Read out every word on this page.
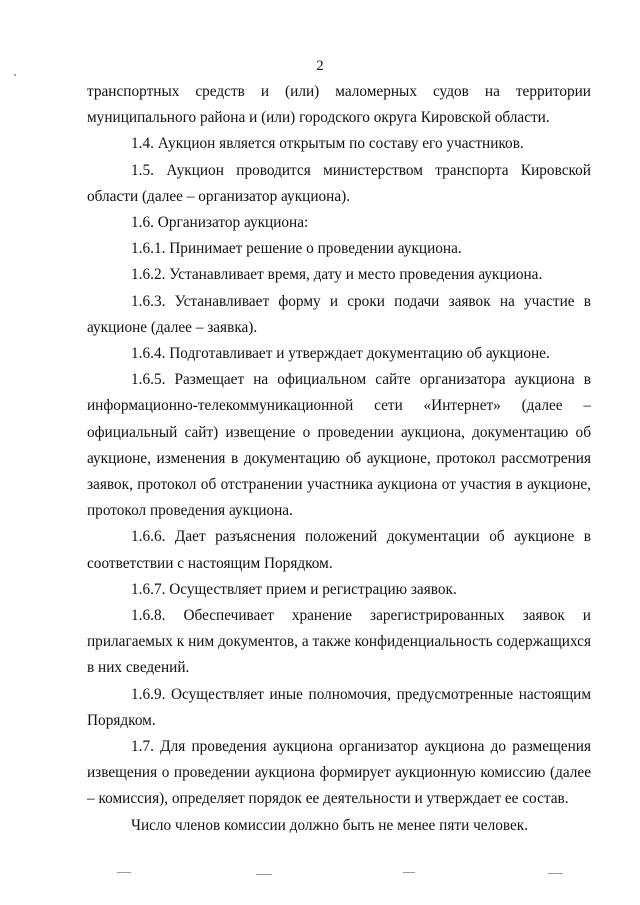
2

транспортных средств и (или) маломерных судов на территории муниципального района и (или) городского округа Кировской области.

1.4. Аукцион является открытым по составу его участников.

1.5. Аукцион проводится министерством транспорта Кировской области (далее – организатор аукциона).

1.6. Организатор аукциона:

1.6.1. Принимает решение о проведении аукциона.

1.6.2. Устанавливает время, дату и место проведения аукциона.

1.6.3. Устанавливает форму и сроки подачи заявок на участие в аукционе (далее – заявка).

1.6.4. Подготавливает и утверждает документацию об аукционе.

1.6.5. Размещает на официальном сайте организатора аукциона в информационно-телекоммуникационной сети «Интернет» (далее – официальный сайт) извещение о проведении аукциона, документацию об аукционе, изменения в документацию об аукционе, протокол рассмотрения заявок, протокол об отстранении участника аукциона от участия в аукционе, протокол проведения аукциона.

1.6.6. Дает разъяснения положений документации об аукционе в соответствии с настоящим Порядком.

1.6.7. Осуществляет прием и регистрацию заявок.

1.6.8. Обеспечивает хранение зарегистрированных заявок и прилагаемых к ним документов, а также конфиденциальность содержащихся в них сведений.

1.6.9. Осуществляет иные полномочия, предусмотренные настоящим Порядком.

1.7. Для проведения аукциона организатор аукциона до размещения извещения о проведении аукциона формирует аукционную комиссию (далее – комиссия), определяет порядок ее деятельности и утверждает ее состав.

Число членов комиссии должно быть не менее пяти человек.
